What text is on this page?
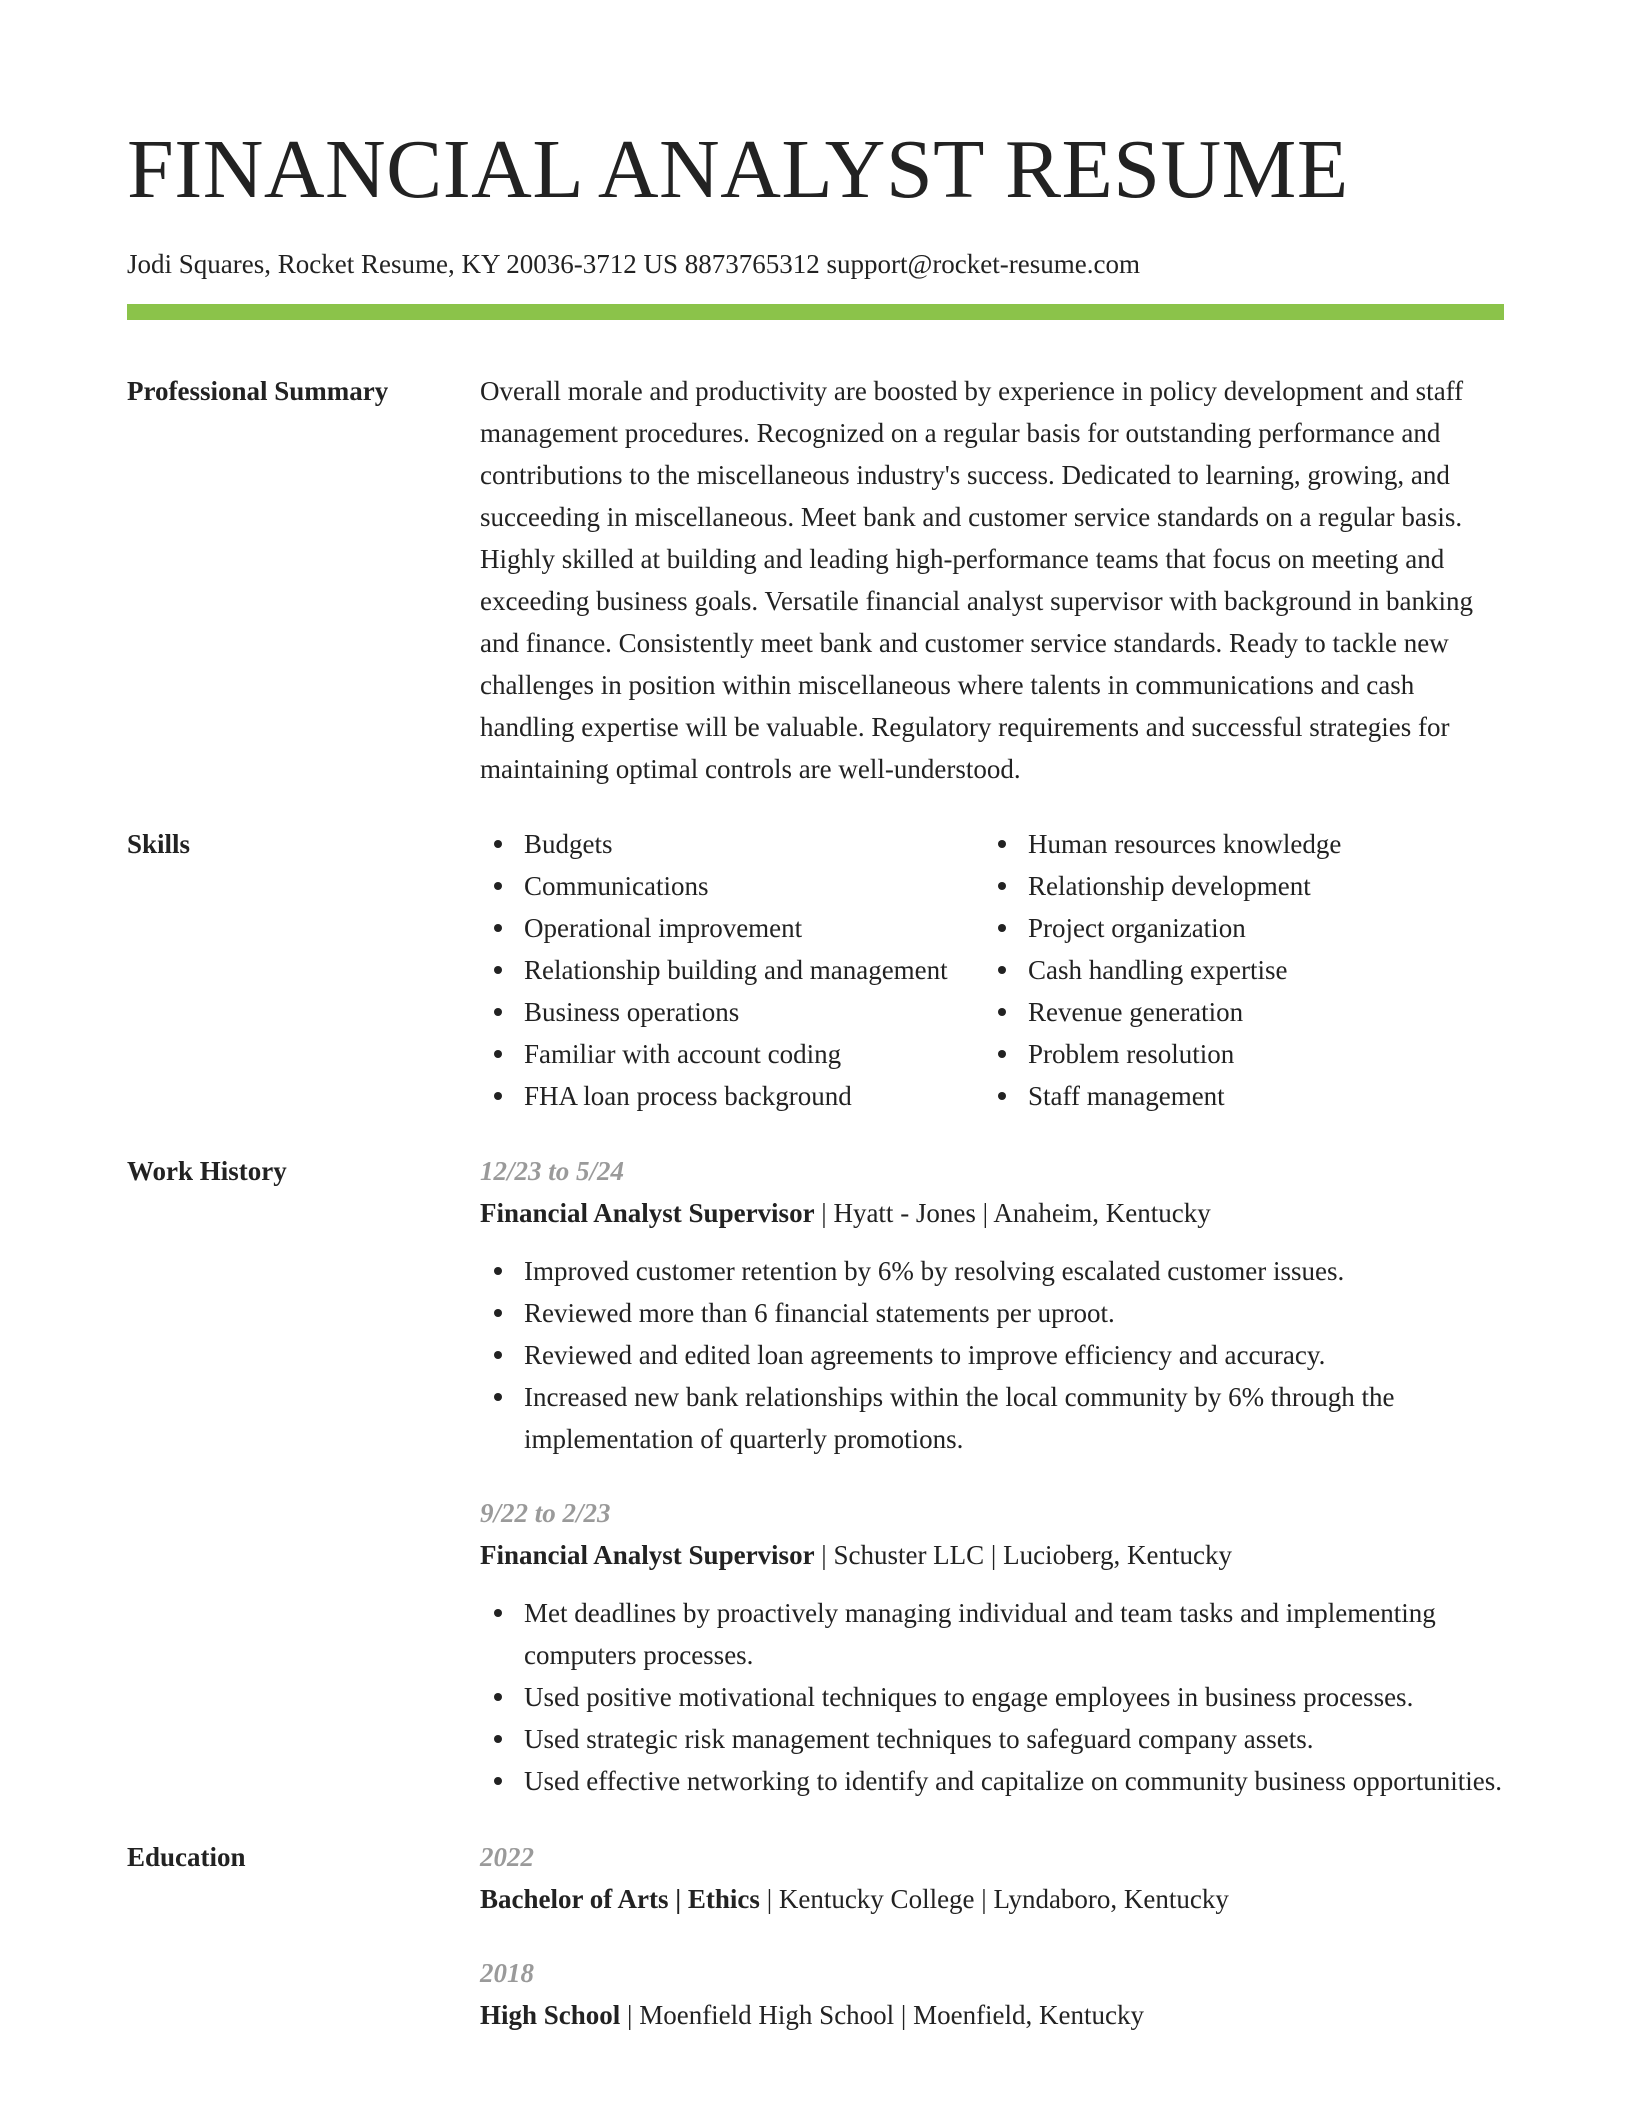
FINANCIAL ANALYST RESUME
Jodi Squares, Rocket Resume, KY 20036-3712 US 8873765312 support@rocket-resume.com
Professional Summary	Overall morale and productivity are boosted by experience in policy development and staff management procedures. Recognized on a regular basis for outstanding performance and contributions to the miscellaneous industry's success. Dedicated to learning, growing, and succeeding in miscellaneous. Meet bank and customer service standards on a regular basis. Highly skilled at building and leading high-performance teams that focus on meeting and exceeding business goals. Versatile financial analyst supervisor with background in banking and finance. Consistently meet bank and customer service standards. Ready to tackle new challenges in position within miscellaneous where talents in communications and cash handling expertise will be valuable. Regulatory requirements and successful strategies for maintaining optimal controls are well-understood.

Skills	Budgets
Communications
Operational improvement
Relationship building and management
Business operations
Familiar with account coding
FHA loan process background
Human resources knowledge
Relationship development
Project organization
Cash handling expertise
Revenue generation
Problem resolution
Staff management
Work History	12/23 to 5/24
Financial Analyst Supervisor | Hyatt - Jones | Anaheim, Kentucky
Improved customer retention by 6% by resolving escalated customer issues.
Reviewed more than 6 financial statements per uproot.
Reviewed and edited loan agreements to improve efficiency and accuracy.
Increased new bank relationships within the local community by 6% through the implementation of quarterly promotions.
9/22 to 2/23
Financial Analyst Supervisor | Schuster LLC | Lucioberg, Kentucky
Met deadlines by proactively managing individual and team tasks and implementing computers processes.
Used positive motivational techniques to engage employees in business processes.
Used strategic risk management techniques to safeguard company assets.
Used effective networking to identify and capitalize on community business opportunities.
Education	2022
Bachelor of Arts | Ethics | Kentucky College | Lyndaboro, Kentucky
2018
High School | Moenfield High School | Moenfield, Kentucky
